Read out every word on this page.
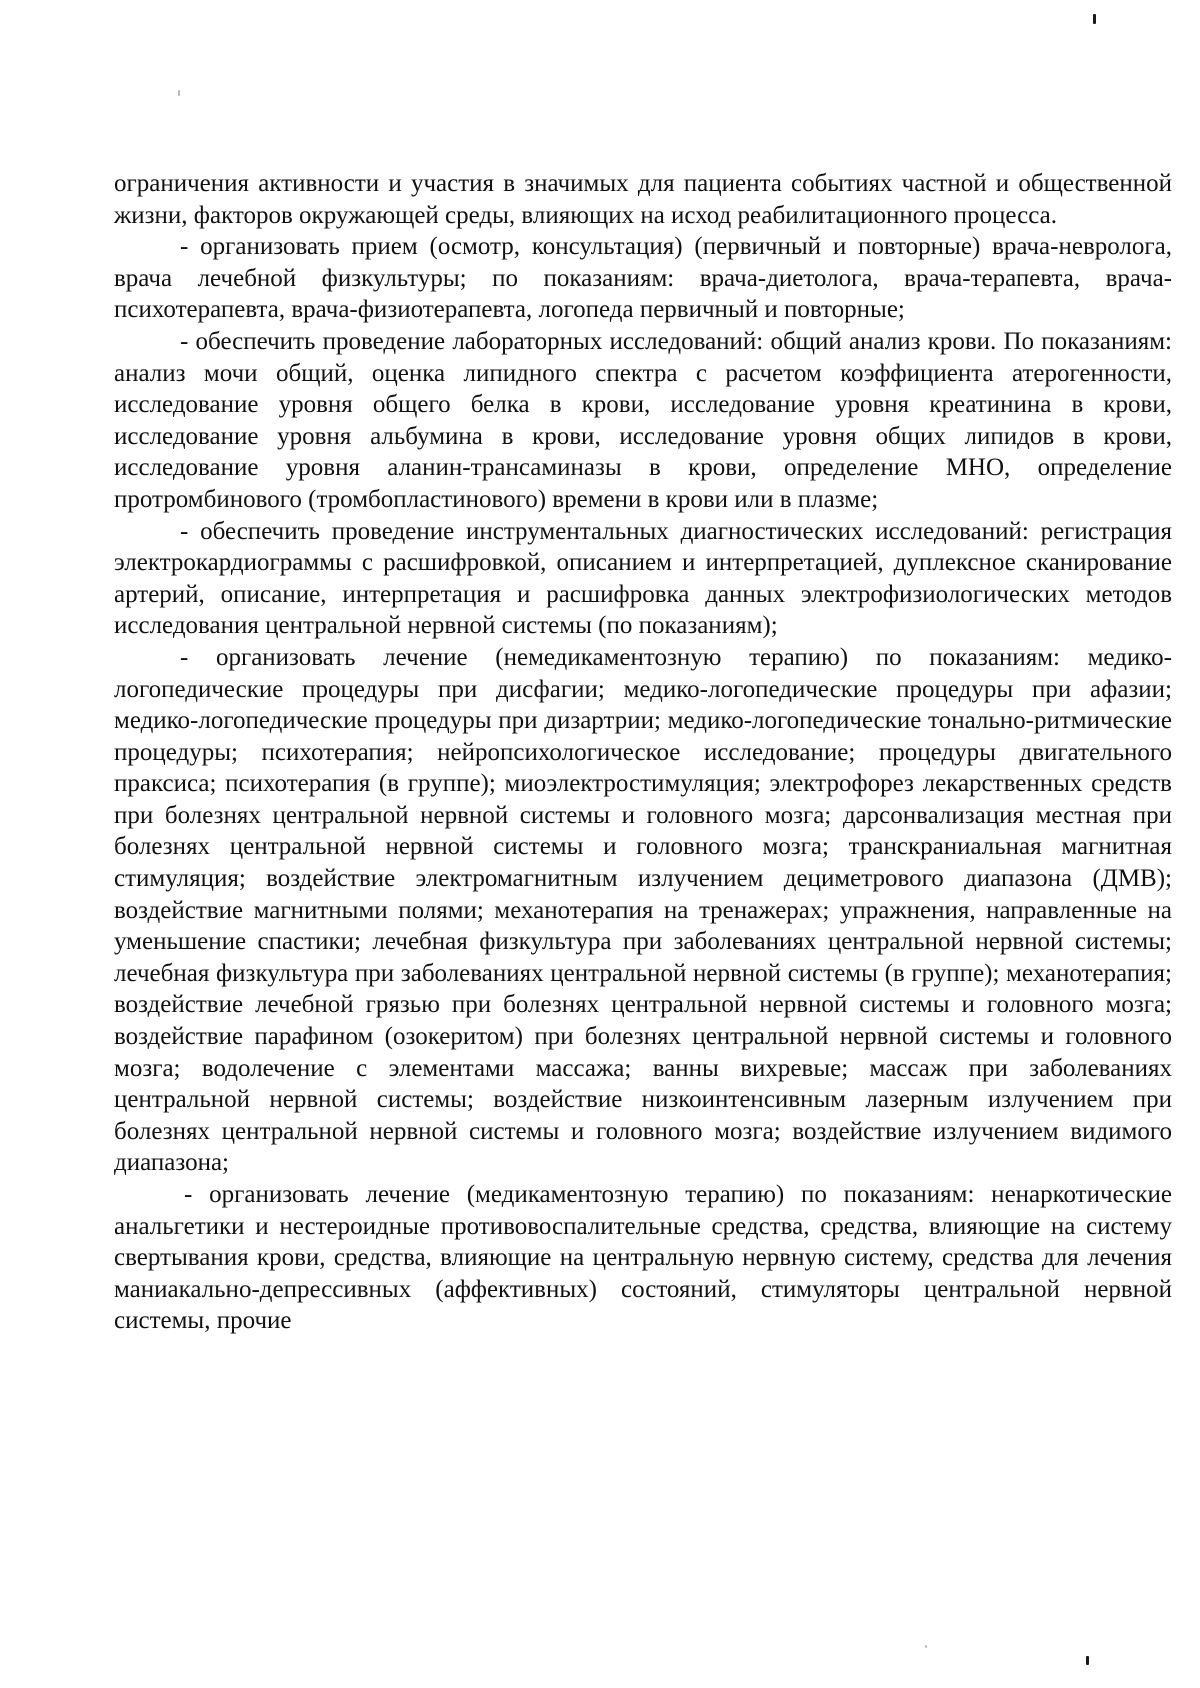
ограничения активности и участия в значимых для пациента событиях частной и общественной жизни, факторов окружающей среды, влияющих на исход реабилитационного процесса.

- организовать прием (осмотр, консультация) (первичный и повторные) врача-невролога, врача лечебной физкультуры; по показаниям: врача-диетолога, врача-терапевта, врача-психотерапевта, врача-физиотерапевта, логопеда первичный и повторные;

- обеспечить проведение лабораторных исследований: общий анализ крови. По показаниям: анализ мочи общий, оценка липидного спектра с расчетом коэффициента атерогенности, исследование уровня общего белка в крови, исследование уровня креатинина в крови, исследование уровня альбумина в крови, исследование уровня общих липидов в крови, исследование уровня аланин-трансаминазы в крови, определение МНО, определение протромбинового (тромбопластинового) времени в крови или в плазме;

- обеспечить проведение инструментальных диагностических исследований: регистрация электрокардиограммы с расшифровкой, описанием и интерпретацией, дуплексное сканирование артерий, описание, интерпретация и расшифровка данных электрофизиологических методов исследования центральной нервной системы (по показаниям);

- организовать лечение (немедикаментозную терапию) по показаниям: медико-логопедические процедуры при дисфагии; медико-логопедические процедуры при афазии; медико-логопедические процедуры при дизартрии; медико-логопедические тонально-ритмические процедуры; психотерапия; нейропсихологическое исследование; процедуры двигательного праксиса; психотерапия (в группе); миоэлектростимуляция; электрофорез лекарственных средств при болезнях центральной нервной системы и головного мозга; дарсонвализация местная при болезнях центральной нервной системы и головного мозга; транскраниальная магнитная стимуляция; воздействие электромагнитным излучением дециметрового диапазона (ДМВ); воздействие магнитными полями; механотерапия на тренажерах; упражнения, направленные на уменьшение спастики; лечебная физкультура при заболеваниях центральной нервной системы; лечебная физкультура при заболеваниях центральной нервной системы (в группе); механотерапия; воздействие лечебной грязью при болезнях центральной нервной системы и головного мозга; воздействие парафином (озокеритом) при болезнях центральной нервной системы и головного мозга; водолечение с элементами массажа; ванны вихревые; массаж при заболеваниях центральной нервной системы; воздействие низкоинтенсивным лазерным излучением при болезнях центральной нервной системы и головного мозга; воздействие излучением видимого диапазона;

- организовать лечение (медикаментозную терапию) по показаниям: ненаркотические анальгетики и нестероидные противовоспалительные средства, средства, влияющие на систему свертывания крови, средства, влияющие на центральную нервную систему, средства для лечения маниакально-депрессивных (аффективных) состояний, стимуляторы центральной нервной системы, прочие
